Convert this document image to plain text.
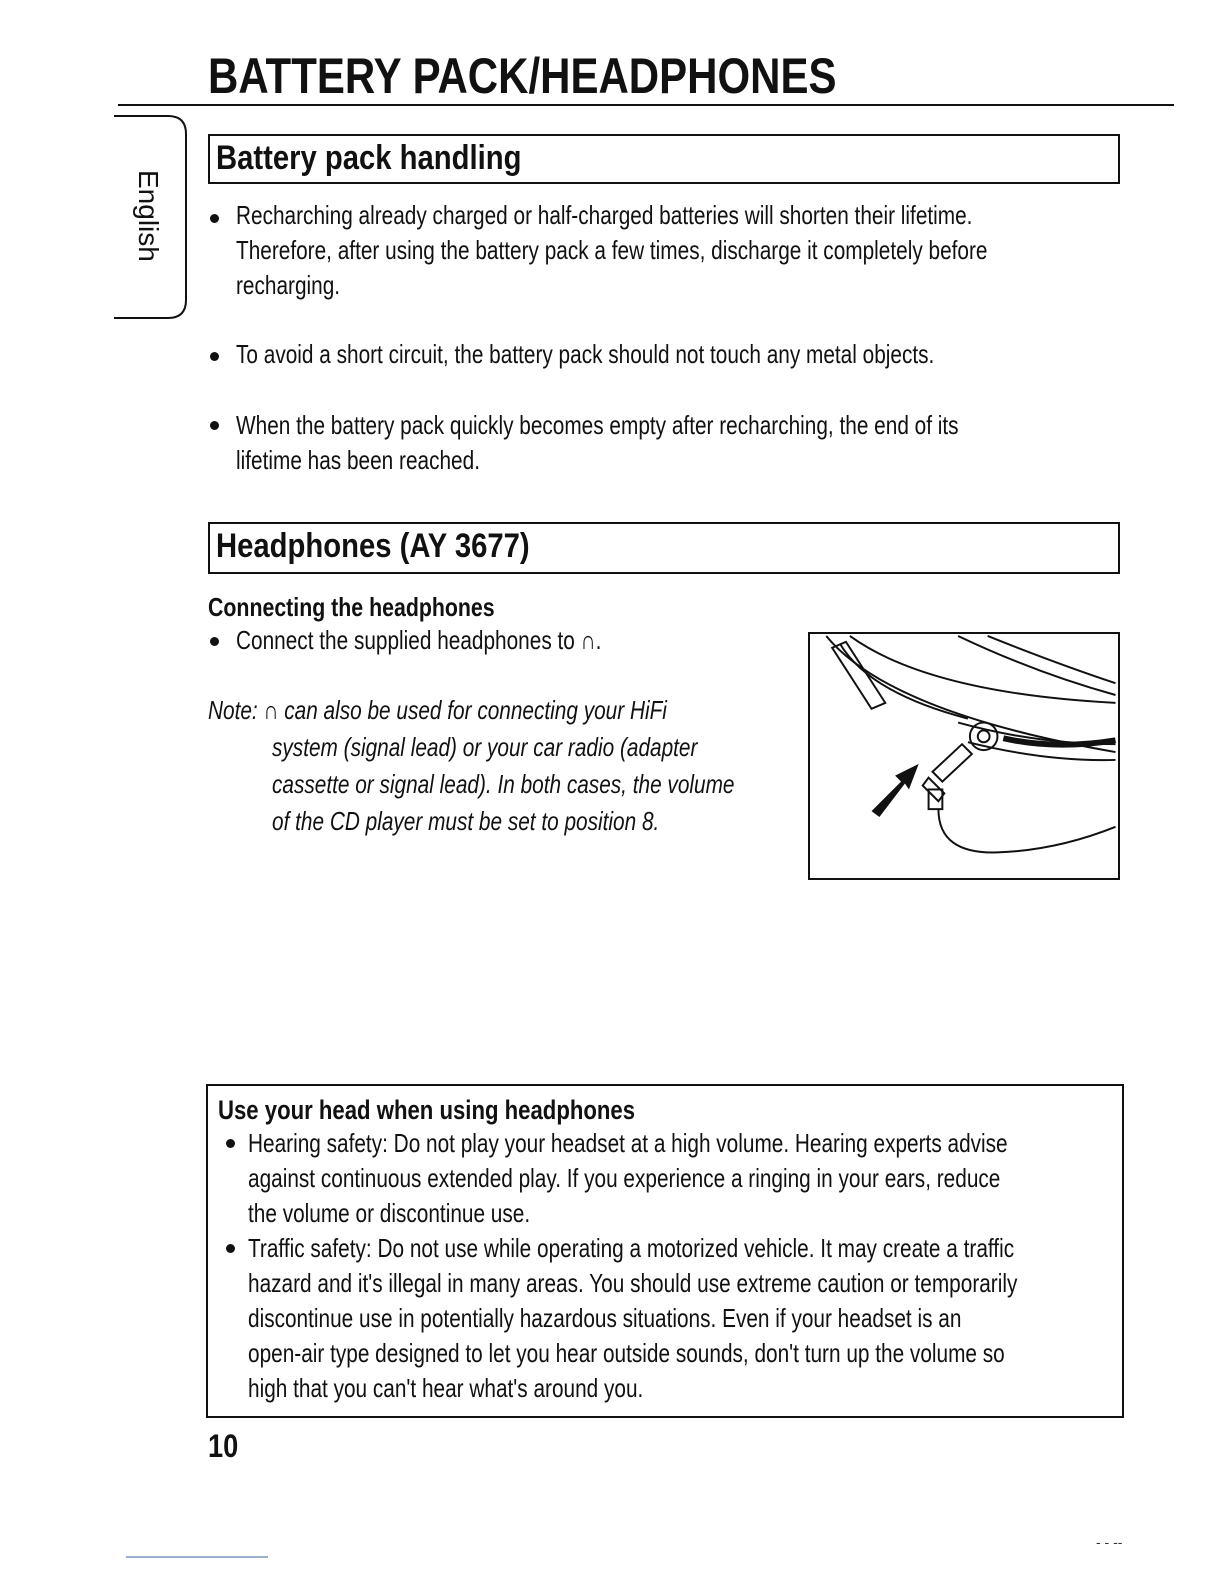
BATTERY PACK/HEADPHONES
English
Battery pack handling
Recharching already charged or half-charged batteries will shorten their lifetime.
Therefore, after using the battery pack a few times, discharge it completely before
recharging.
To avoid a short circuit, the battery pack should not touch any metal objects.
When the battery pack quickly becomes empty after recharching, the end of its
lifetime has been reached.
Headphones (AY 3677)
Connecting the headphones
Connect the supplied headphones to ∩.
Note: ∩ can also be used for connecting your HiFi
system (signal lead) or your car radio (adapter
cassette or signal lead). In both cases, the volume
of the CD player must be set to position 8.
Use your head when using headphones
Hearing safety: Do not play your headset at a high volume. Hearing experts advise
against continuous extended play. If you experience a ringing in your ears, reduce
the volume or discontinue use.
Traffic safety: Do not use while operating a motorized vehicle. It may create a traffic
hazard and it's illegal in many areas. You should use extreme caution or temporarily
discontinue use in potentially hazardous situations. Even if your headset is an
open-air type designed to let you hear outside sounds, don't turn up the volume so
high that you can't hear what's around you.
10
- - --
